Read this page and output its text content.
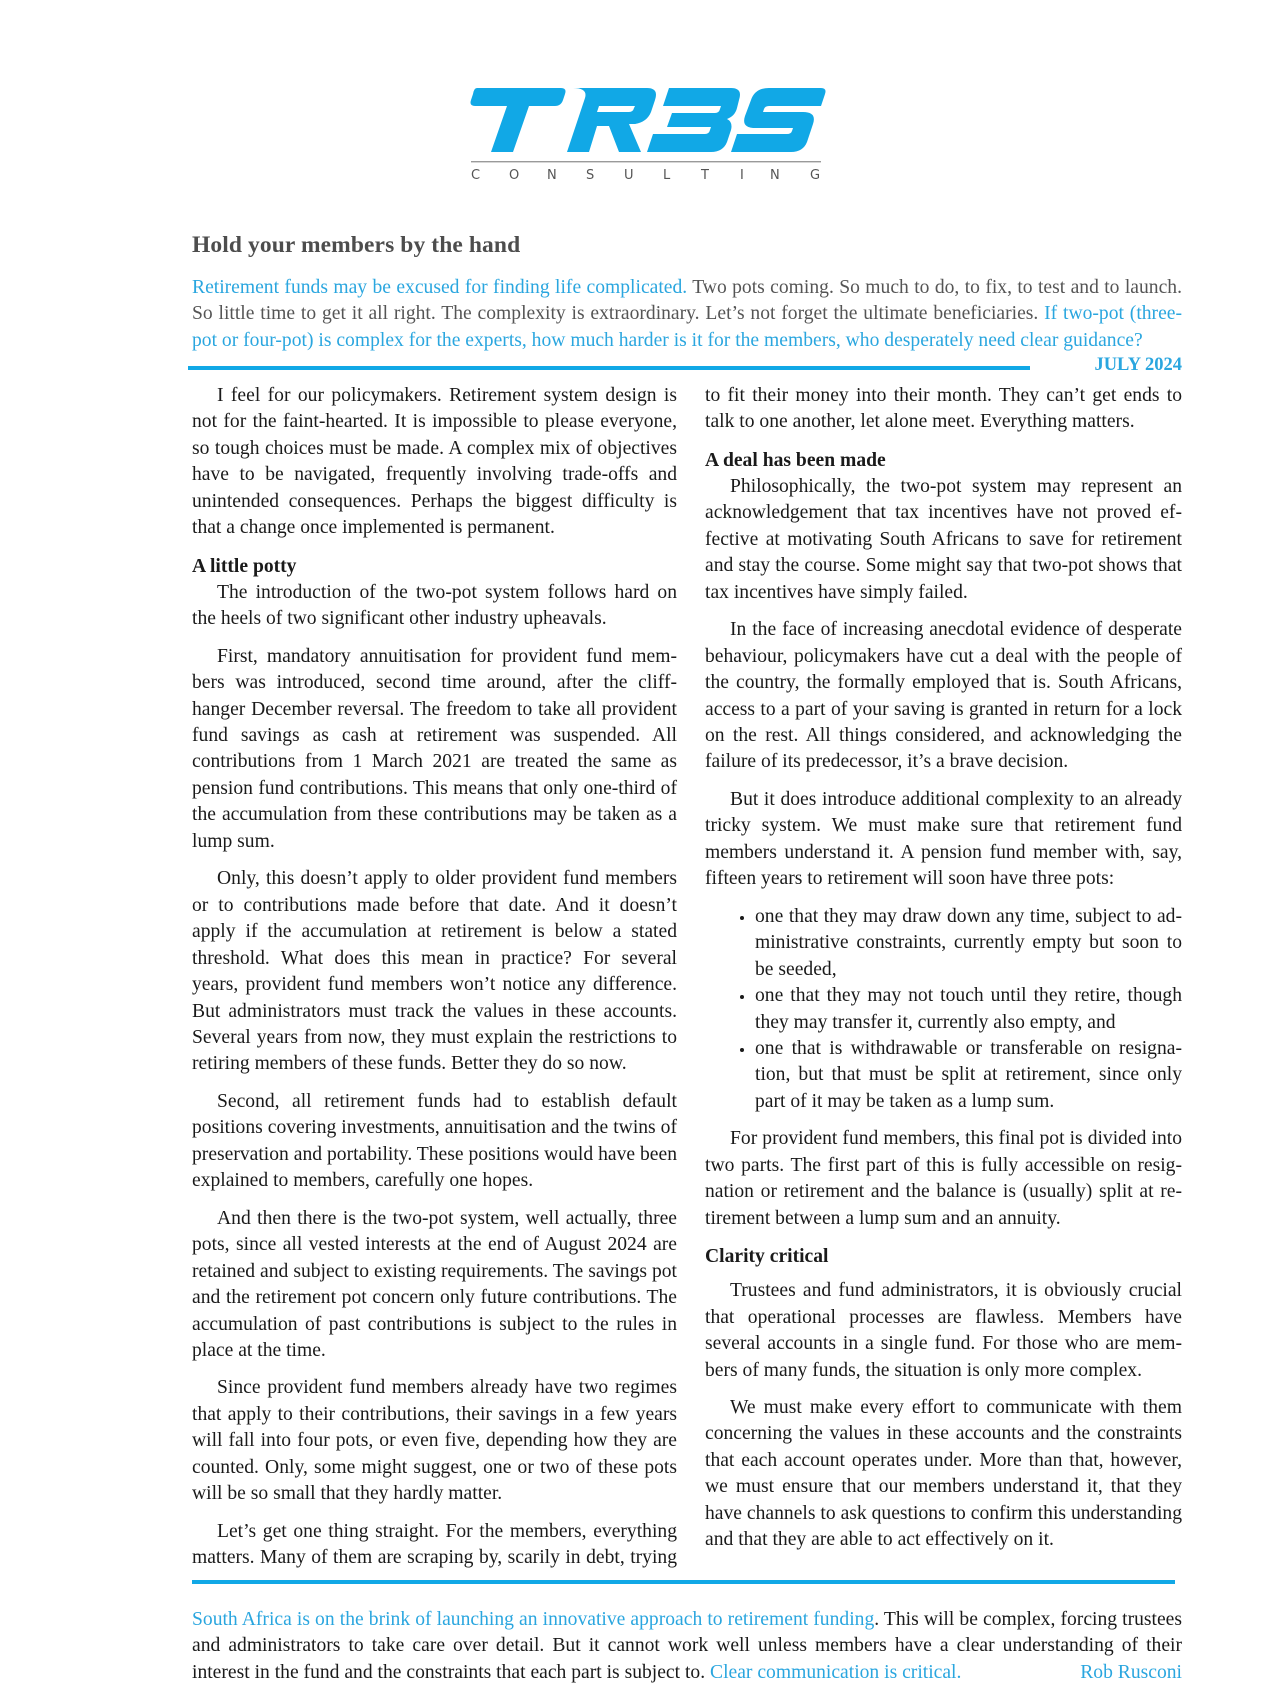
C O N S U L T I N G
Hold your members by the hand
Retirement funds may be excused for finding life complicated. Two pots coming. So much to do, to fix, to test and to launch. So little time to get it all right. The complexity is extraordinary. Let’s not forget the ultimate beneficiaries. If two-pot (three-pot or four-pot) is complex for the experts, how much harder is it for the members, who desperately need clear guidance?
JULY 2024

I feel for our policymakers. Retirement system design is not for the faint-hearted. It is impossible to please everyone, so tough choices must be made. A complex mix of objectives have to be navigated, frequently involving trade-offs and unintended consequences. Perhaps the biggest difficulty is that a change once implemented is permanent.

A little potty

The introduction of the two-pot system follows hard on the heels of two significant other industry upheavals.

First, mandatory annuitisation for provident fund members was introduced, second time around, after the cliff-hanger December reversal. The freedom to take all provident fund savings as cash at retirement was suspended. All contributions from 1 March 2021 are treated the same as pension fund contributions. This means that only one-third of the accumulation from these contributions may be taken as a lump sum.

Only, this doesn’t apply to older provident fund members or to contributions made before that date. And it doesn’t apply if the accumulation at retirement is below a stated threshold. What does this mean in practice? For several years, provident fund members won’t notice any difference. But administrators must track the values in these accounts. Several years from now, they must explain the restrictions to retiring members of these funds. Better they do so now.

Second, all retirement funds had to establish default positions covering investments, annuitisation and the twins of preservation and portability. These positions would have been explained to members, carefully one hopes.

And then there is the two-pot system, well actually, three pots, since all vested interests at the end of August 2024 are retained and subject to existing requirements. The savings pot and the retirement pot concern only future contributions. The accumulation of past contributions is subject to the rules in place at the time.

Since provident fund members already have two regimes that apply to their contributions, their savings in a few years will fall into four pots, or even five, depending how they are counted. Only, some might suggest, one or two of these pots will be so small that they hardly matter.

Let’s get one thing straight. For the members, everything matters. Many of them are scraping by, scarily in debt, trying

to fit their money into their month. They can’t get ends to talk to one another, let alone meet. Everything matters.

A deal has been made

Philosophically, the two-pot system may represent an acknowledgement that tax incentives have not proved effective at motivating South Africans to save for retirement and stay the course. Some might say that two-pot shows that tax incentives have simply failed.

In the face of increasing anecdotal evidence of desperate behaviour, policymakers have cut a deal with the people of the country, the formally employed that is. South Africans, access to a part of your saving is granted in return for a lock on the rest. All things considered, and acknowledging the failure of its predecessor, it’s a brave decision.

But it does introduce additional complexity to an already tricky system. We must make sure that retirement fund members understand it. A pension fund member with, say, fifteen years to retirement will soon have three pots:

• one that they may draw down any time, subject to administrative constraints, currently empty but soon to be seeded,
• one that they may not touch until they retire, though they may transfer it, currently also empty, and
• one that is withdrawable or transferable on resignation, but that must be split at retirement, since only part of it may be taken as a lump sum.

For provident fund members, this final pot is divided into two parts. The first part of this is fully accessible on resignation or retirement and the balance is (usually) split at retirement between a lump sum and an annuity.

Clarity critical

Trustees and fund administrators, it is obviously crucial that operational processes are flawless. Members have several accounts in a single fund. For those who are members of many funds, the situation is only more complex.

We must make every effort to communicate with them concerning the values in these accounts and the constraints that each account operates under. More than that, however, we must ensure that our members understand it, that they have channels to ask questions to confirm this understanding and that they are able to act effectively on it.

South Africa is on the brink of launching an innovative approach to retirement funding. This will be complex, forcing trustees and administrators to take care over detail. But it cannot work well unless members have a clear understanding of their interest in the fund and the constraints that each part is subject to. Clear communication is critical.	Rob Rusconi
